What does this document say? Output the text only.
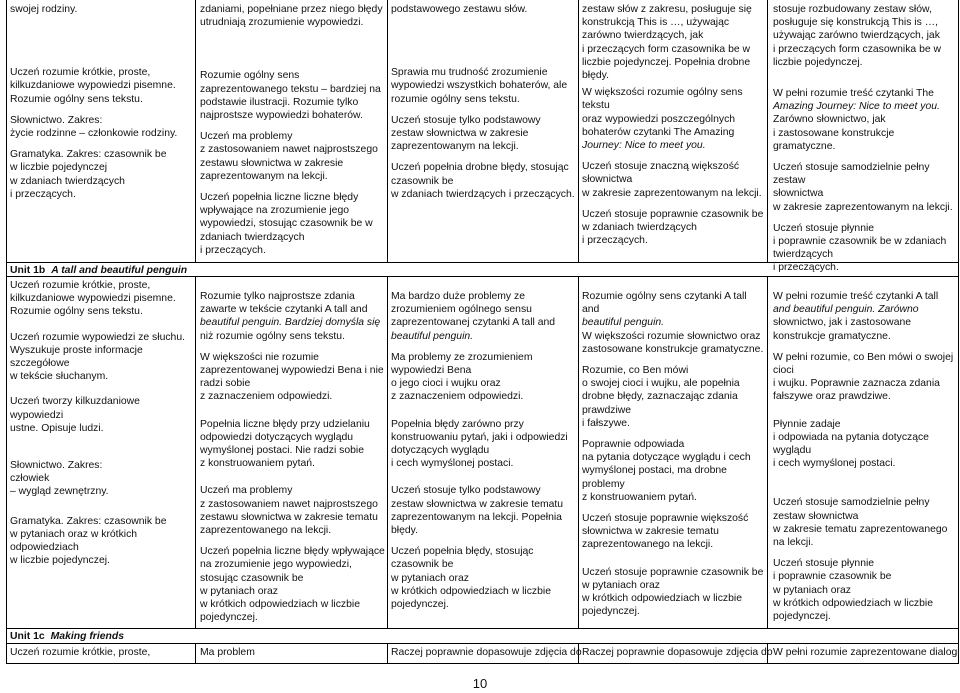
swojej rodziny.

Uczeń rozumie krótkie, proste,
kilkuzdaniowe wypowiedzi pisemne.
Rozumie ogólny sens tekstu.

Słownictwo. Zakres:
życie rodzinne – członkowie rodziny.

Gramatyka. Zakres: czasownik be
w liczbie pojedynczej
w zdaniach twierdzących
i przeczących.

zdaniami, popełniane przez niego błędy
utrudniają zrozumienie wypowiedzi.

Rozumie ogólny sens
zaprezentowanego tekstu – bardziej na
podstawie ilustracji. Rozumie tylko
najprostsze wypowiedzi bohaterów.

Uczeń ma problemy
z zastosowaniem nawet najprostszego
zestawu słownictwa w zakresie
zaprezentowanym na lekcji.

Uczeń popełnia liczne liczne błędy
wpływające na zrozumienie jego
wypowiedzi, stosując czasownik be w
zdaniach twierdzących
i przeczących.

podstawowego zestawu słów.

Sprawia mu trudność zrozumienie
wypowiedzi wszystkich bohaterów, ale
rozumie ogólny sens tekstu.

Uczeń stosuje tylko podstawowy
zestaw słownictwa w zakresie
zaprezentowanym na lekcji.

Uczeń popełnia drobne błędy, stosując
czasownik be
w zdaniach twierdzących i przeczących.

zestaw słów z zakresu, posługuje się
konstrukcją This is …, używając
zarówno twierdzących, jak
i przeczących form czasownika be w
liczbie pojedynczej. Popełnia drobne
błędy.

W większości rozumie ogólny sens tekstu
oraz wypowiedzi poszczególnych
bohaterów czytanki The Amazing
Journey: Nice to meet you.

Uczeń stosuje znaczną większość
słownictwa
w zakresie zaprezentowanym na lekcji.

Uczeń stosuje poprawnie czasownik be
w zdaniach twierdzących
i przeczących.

stosuje rozbudowany zestaw słów,
posługuje się konstrukcją This is …,
używając zarówno twierdzących, jak
i przeczących form czasownika be w
liczbie pojedynczej.

W pełni rozumie treść czytanki The
Amazing Journey: Nice to meet you.
Zarówno słownictwo, jak
i zastosowane konstrukcje gramatyczne.

Uczeń stosuje samodzielnie pełny zestaw
słownictwa
w zakresie zaprezentowanym na lekcji.

Uczeń stosuje płynnie
i poprawnie czasownik be w zdaniach
twierdzących
i przeczących.

Unit 1b A tall and beautiful penguin

Uczeń rozumie krótkie, proste,
kilkuzdaniowe wypowiedzi pisemne.
Rozumie ogólny sens tekstu.

Uczeń rozumie wypowiedzi ze słuchu.
Wyszukuje proste informacje
szczegółowe
w tekście słuchanym.

Uczeń tworzy kilkuzdaniowe wypowiedzi
ustne. Opisuje ludzi.

Słownictwo. Zakres:
człowiek
– wygląd zewnętrzny.

Gramatyka. Zakres: czasownik be
w pytaniach oraz w krótkich
odpowiedziach
w liczbie pojedynczej.

Rozumie tylko najprostsze zdania
zawarte w tekście czytanki A tall and
beautiful penguin. Bardziej domyśla się
niż rozumie ogólny sens tekstu.

W większości nie rozumie
zaprezentowanej wypowiedzi Bena i nie
radzi sobie
z zaznaczeniem odpowiedzi.

Popełnia liczne błędy przy udzielaniu
odpowiedzi dotyczących wyglądu
wymyślonej postaci. Nie radzi sobie
z konstruowaniem pytań.

Uczeń ma problemy
z zastosowaniem nawet najprostszego
zestawu słownictwa w zakresie tematu
zaprezentowanego na lekcji.

Uczeń popełnia liczne błędy wpływające
na zrozumienie jego wypowiedzi,
stosując czasownik be
w pytaniach oraz
w krótkich odpowiedziach w liczbie
pojedynczej.

Ma bardzo duże problemy ze
zrozumieniem ogólnego sensu
zaprezentowanej czytanki A tall and
beautiful penguin.

Ma problemy ze zrozumieniem
wypowiedzi Bena
o jego cioci i wujku oraz
z zaznaczeniem odpowiedzi.

Popełnia błędy zarówno przy
konstruowaniu pytań, jaki i odpowiedzi
dotyczących wyglądu
i cech wymyślonej postaci.

Uczeń stosuje tylko podstawowy
zestaw słownictwa w zakresie tematu
zaprezentowanym na lekcji. Popełnia
błędy.

Uczeń popełnia błędy, stosując
czasownik be
w pytaniach oraz
w krótkich odpowiedziach w liczbie
pojedynczej.

Rozumie ogólny sens czytanki A tall and
beautiful penguin.
W większości rozumie słownictwo oraz
zastosowane konstrukcje gramatyczne.

Rozumie, co Ben mówi
o swojej cioci i wujku, ale popełnia
drobne błędy, zaznaczając zdania
prawdziwe
i fałszywe.

Poprawnie odpowiada
na pytania dotyczące wyglądu i cech
wymyślonej postaci, ma drobne
problemy
z konstruowaniem pytań.

Uczeń stosuje poprawnie większość
słownictwa w zakresie tematu
zaprezentowanego na lekcji.

Uczeń stosuje poprawnie czasownik be
w pytaniach oraz
w krótkich odpowiedziach w liczbie
pojedynczej.

W pełni rozumie treść czytanki A tall
and beautiful penguin. Zarówno
słownictwo, jak i zastosowane
konstrukcje gramatyczne.

W pełni rozumie, co Ben mówi o swojej
cioci
i wujku. Poprawnie zaznacza zdania
fałszywe oraz prawdziwe.

Płynnie zadaje
i odpowiada na pytania dotyczące wyglądu
i cech wymyślonej postaci.

Uczeń stosuje samodzielnie pełny
zestaw słownictwa
w zakresie tematu zaprezentowanego
na lekcji.

Uczeń stosuje płynnie
i poprawnie czasownik be
w pytaniach oraz
w krótkich odpowiedziach w liczbie
pojedynczej.

Unit 1c Making friends
Uczeń rozumie krótkie, proste,	Ma problem	Raczej poprawnie dopasowuje zdjęcia do Raczej poprawnie dopasowuje zdjęcia do W pełni rozumie zaprezentowane dialogi
10
